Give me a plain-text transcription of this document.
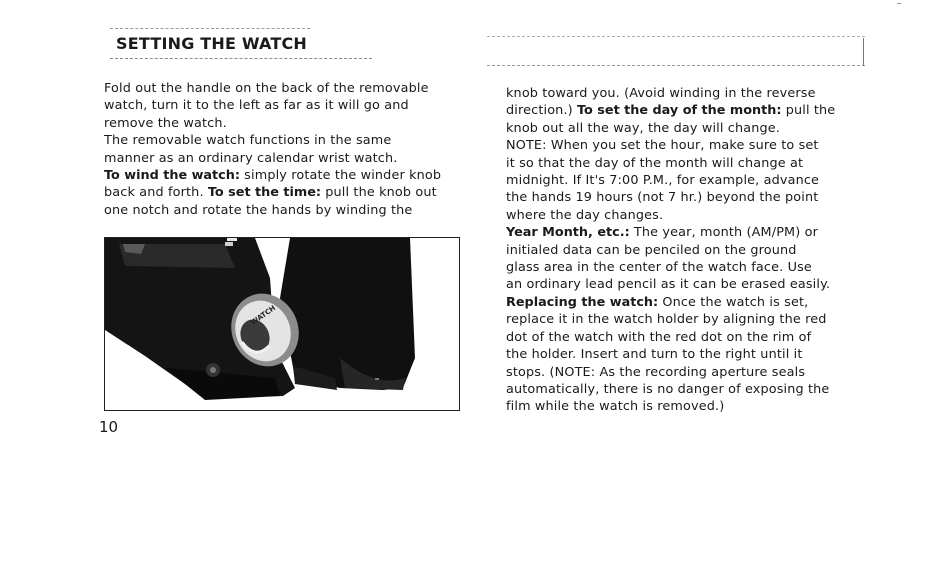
SETTING THE WATCH

Fold out the handle on the back of the removable

watch, turn it to the left as far as it will go and

remove the watch.

The removable watch functions in the same

manner as an ordinary calendar wrist watch.

To wind the watch: simply rotate the winder knob

back and forth. To set the time: pull the knob out

one notch and rotate the hands by winding the

knob toward you. (Avoid winding in the reverse

direction.) To set the day of the month: pull the

knob out all the way, the day will change.

NOTE: When you set the hour, make sure to set

it so that the day of the month will change at

midnight. If It's 7:00 P.M., for example, advance

the hands 19 hours (not 7 hr.) beyond the point

where the day changes.

Year Month, etc.: The year, month (AM/PM) or

initialed data can be penciled on the ground

glass area in the center of the watch face. Use

an ordinary lead pencil as it can be erased easily.

Replacing the watch: Once the watch is set,

replace it in the watch holder by aligning the red

dot of the watch with the red dot on the rim of

the holder. Insert and turn to the right until it

stops. (NOTE: As the recording aperture seals

automatically, there is no danger of exposing the

film while the watch is removed.)

WATCH
10
